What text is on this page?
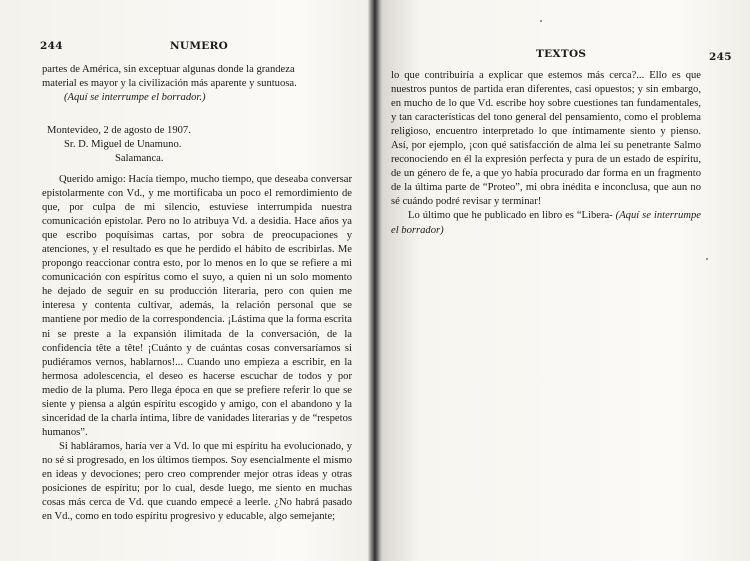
244	NUMERO

partes de América, sin exceptuar algunas donde la grandeza

material es mayor y la civilización más aparente y suntuosa.

(Aquí se interrumpe el borrador.)

Montevideo, 2 de agosto de 1907.
Sr. D. Miguel de Unamuno.
Salamanca.

Querido amigo: Hacía tiempo, mucho tiempo, que deseaba conversar epistolarmente con Vd., y me mortificaba un poco el remordimiento de que, por culpa de mi silencio, estuviese interrumpida nuestra comunicación epistolar. Pero no lo atribuya Vd. a desidia. Hace años ya que escribo poquísimas cartas, por sobra de preocupaciones y atenciones, y el resultado es que he perdido el hábito de escribirlas. Me propongo reaccionar contra esto, por lo menos en lo que se refiere a mi comunicación con espíritus como el suyo, a quien ni un solo momento he dejado de seguir en su producción literaria, pero con quien me interesa y contenta cultivar, además, la relación personal que se mantiene por medio de la correspondencia. ¡Lástima que la forma escrita ni se preste a la expansión ilimitada de la conversación, de la confidencia tête a tête! ¡Cuánto y de cuántas cosas conversaríamos si pudiéramos vernos, hablarnos!... Cuando uno empieza a escribir, en la hermosa adolescencia, el deseo es hacerse escuchar de todos y por medio de la pluma. Pero llega época en que se prefiere referir lo que se siente y piensa a algún espíritu escogido y amigo, con el abandono y la sinceridad de la charla íntima, libre de vanidades literarias y de “respetos humanos”.

Si habláramos, haría ver a Vd. lo que mi espíritu ha evolucionado, y no sé si progresado, en los últimos tiempos. Soy esencialmente el mismo en ideas y devociones; pero creo comprender mejor otras ideas y otras posiciones de espíritu; por lo cual, desde luego, me siento en muchas cosas más cerca de Vd. que cuando empecé a leerle. ¿No habrá pasado en Vd., como en todo espíritu progresivo y educable, algo semejante;

TEXTOS	245

lo que contribuiría a explicar que estemos más cerca?... Ello es que nuestros puntos de partida eran diferentes, casi opuestos; y sin embargo, en mucho de lo que Vd. escribe hoy sobre cuestiones tan fundamentales, y tan características del tono general del pensamiento, como el problema religioso, encuentro interpretado lo que íntimamente siento y pienso. Así, por ejemplo, ¡con qué satisfacción de alma leí su penetrante Salmo reconociendo en él la expresión perfecta y pura de un estado de espíritu, de un género de fe, a que yo había procurado dar forma en un fragmento de la última parte de “Proteo”, mi obra inédita e inconclusa, que aun no sé cuándo podré revisar y terminar!

Lo último que he publicado en libro es “Libera- (Aquí se interrumpe el borrador)
